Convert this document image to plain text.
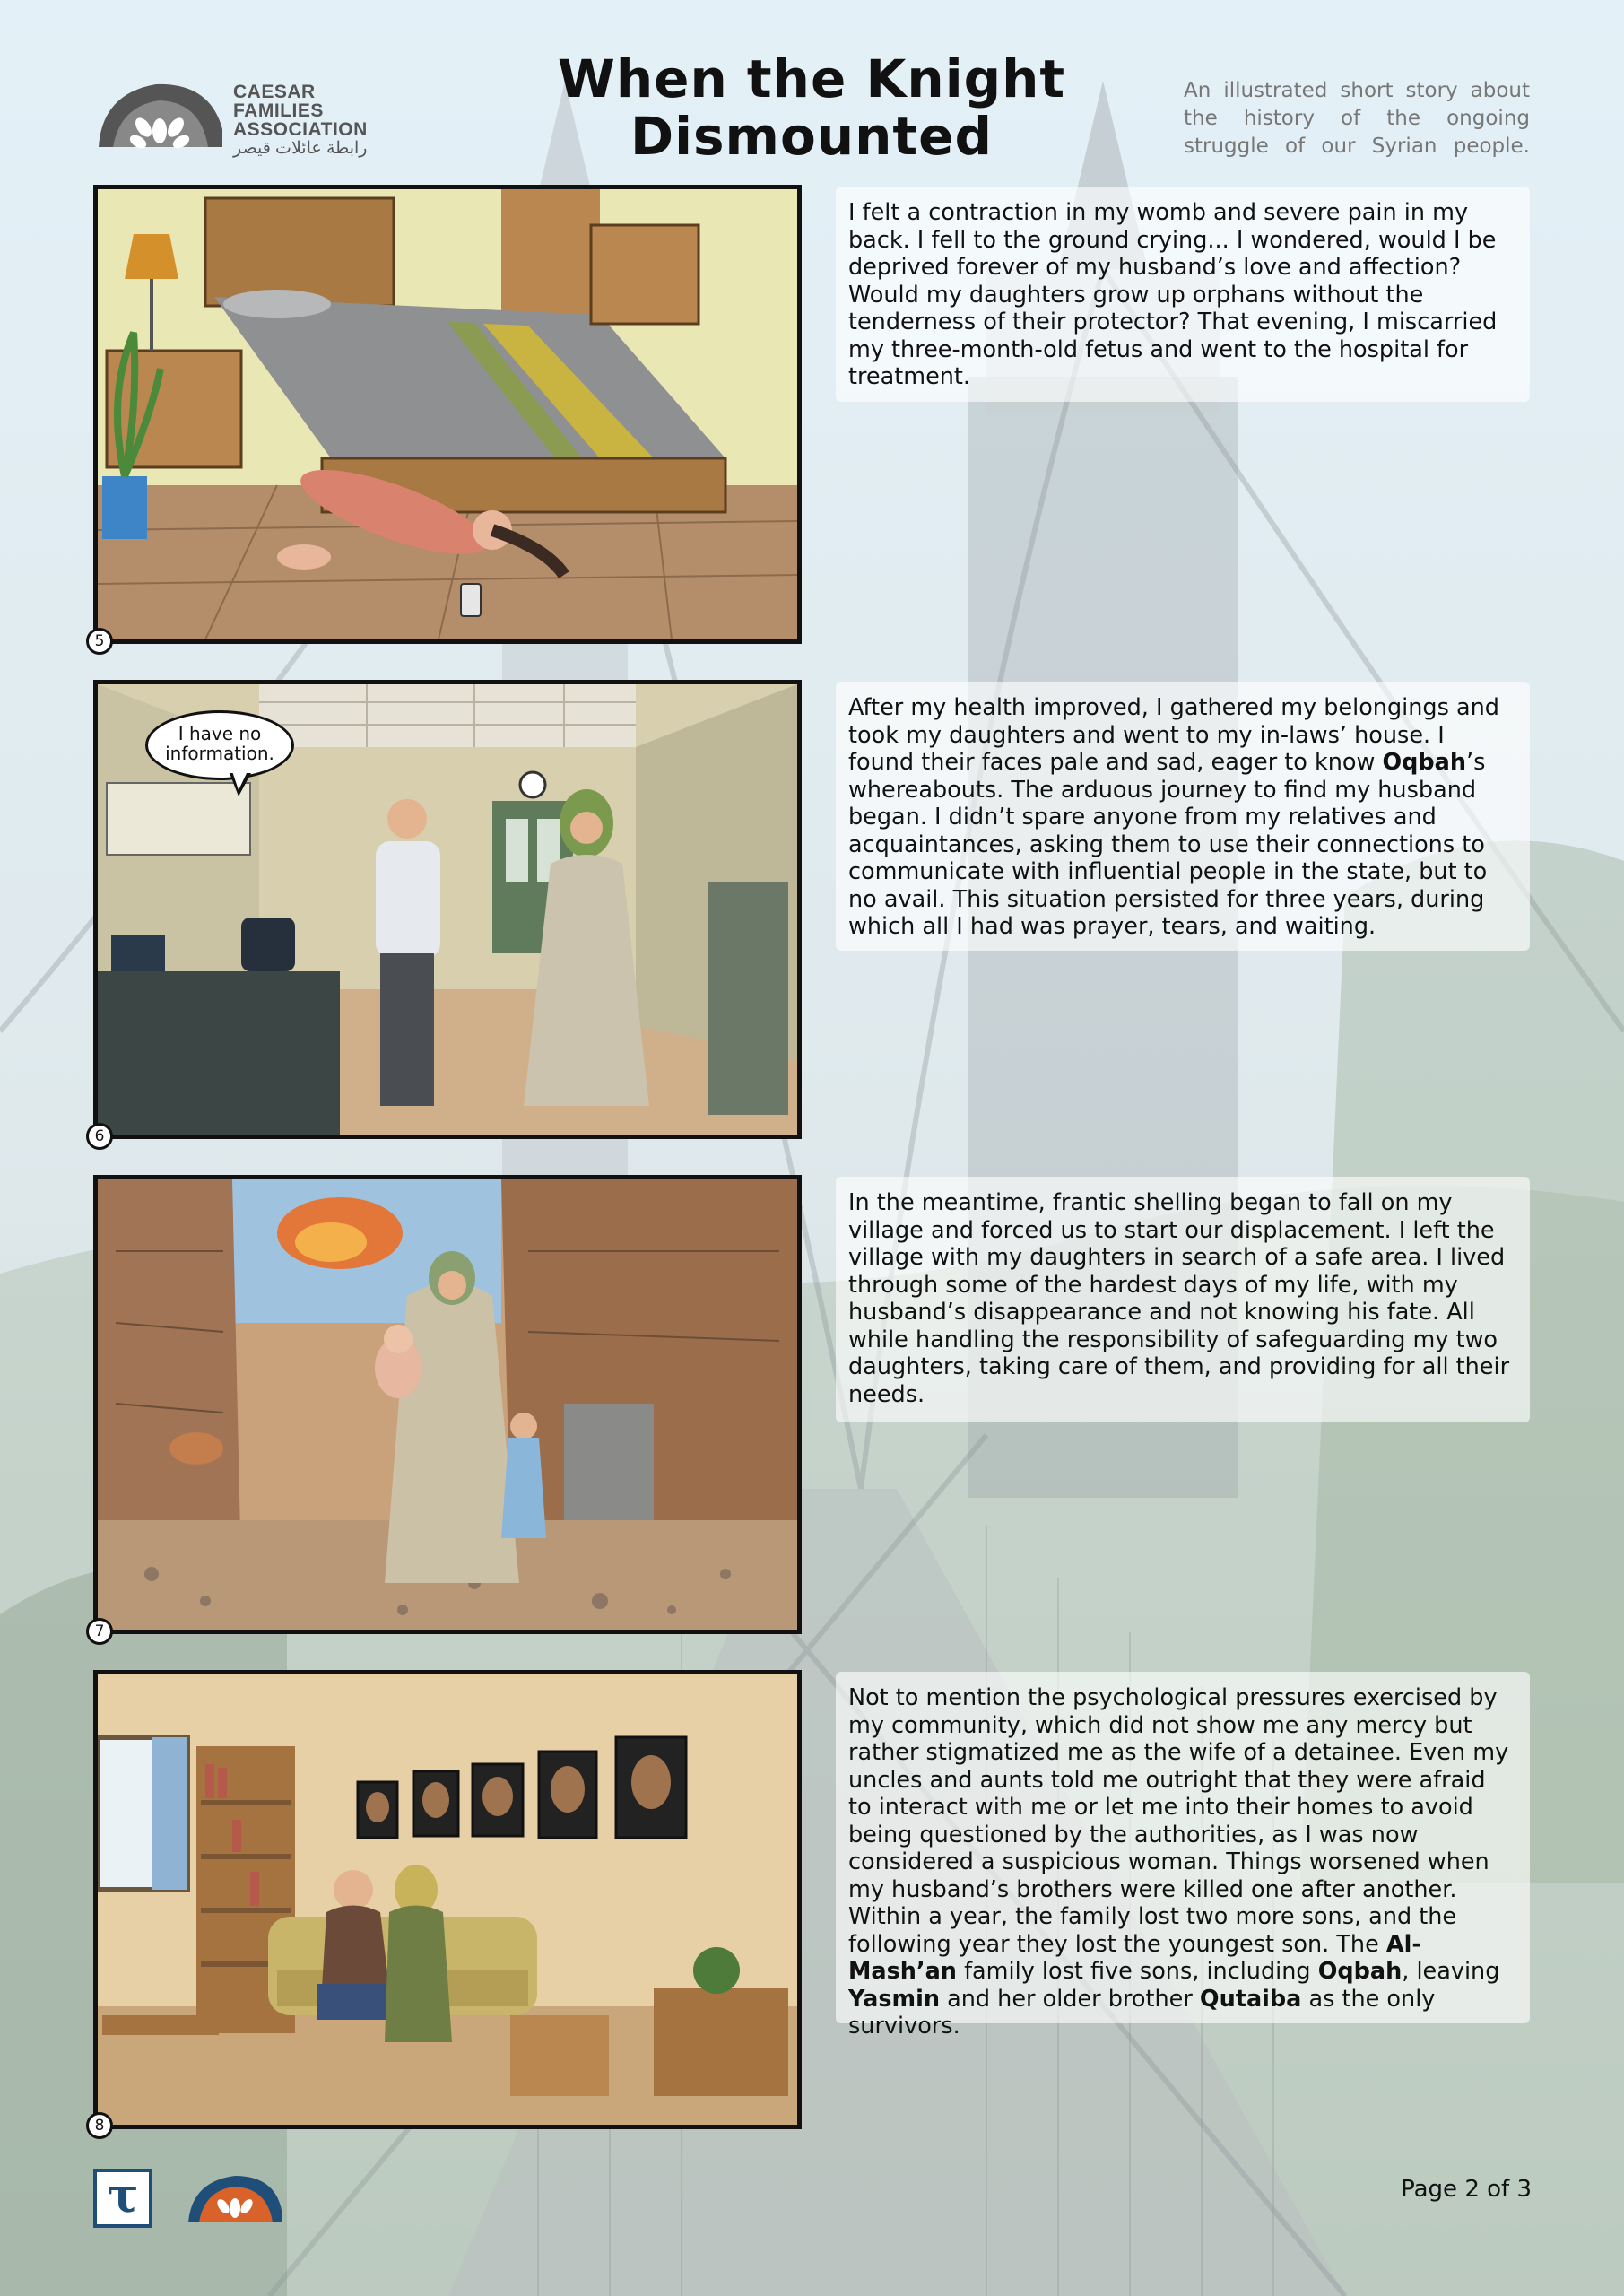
CAESAR
FAMILIES
ASSOCIATION
رابطة عائلات قيصر
When the Knight
Dismounted
An illustrated short story about the history of the ongoing struggle of our Syrian people.
5

I felt a contraction in my womb and severe pain in my back. I fell to the ground crying... I wondered, would I be deprived forever of my husband’s love and affection? Would my daughters grow up orphans without the tenderness of their protector? That evening, I miscarried my three-month-old fetus and went to the hospital for treatment.

6
I have no information.

After my health improved, I gathered my belongings and took my daughters and went to my in-laws’ house. I found their faces pale and sad, eager to know Oqbah’s whereabouts. The arduous journey to find my husband began. I didn’t spare anyone from my relatives and acquaintances, asking them to use their connections to communicate with influential people in the state, but to no avail. This situation persisted for three years, during which all I had was prayer, tears, and waiting.

7

In the meantime, frantic shelling began to fall on my village and forced us to start our displacement. I left the village with my daughters in search of a safe area. I lived through some of the hardest days of my life, with my husband’s disappearance and not knowing his fate. All while handling the responsibility of safeguarding my two daughters, taking care of them, and providing for all their needs.

8

Not to mention the psychological pressures exercised by my community, which did not show me any mercy but rather stigmatized me as the wife of a detainee. Even my uncles and aunts told me outright that they were afraid to interact with me or let me into their homes to avoid being questioned by the authorities, as I was now considered a suspicious woman. Things worsened when my husband’s brothers were killed one after another. Within a year, the family lost two more sons, and the following year they lost the youngest son. The Al-Mash’an family lost five sons, including Oqbah, leaving Yasmin and her older brother Qutaiba as the only survivors.

τ	Page 2 of 3
